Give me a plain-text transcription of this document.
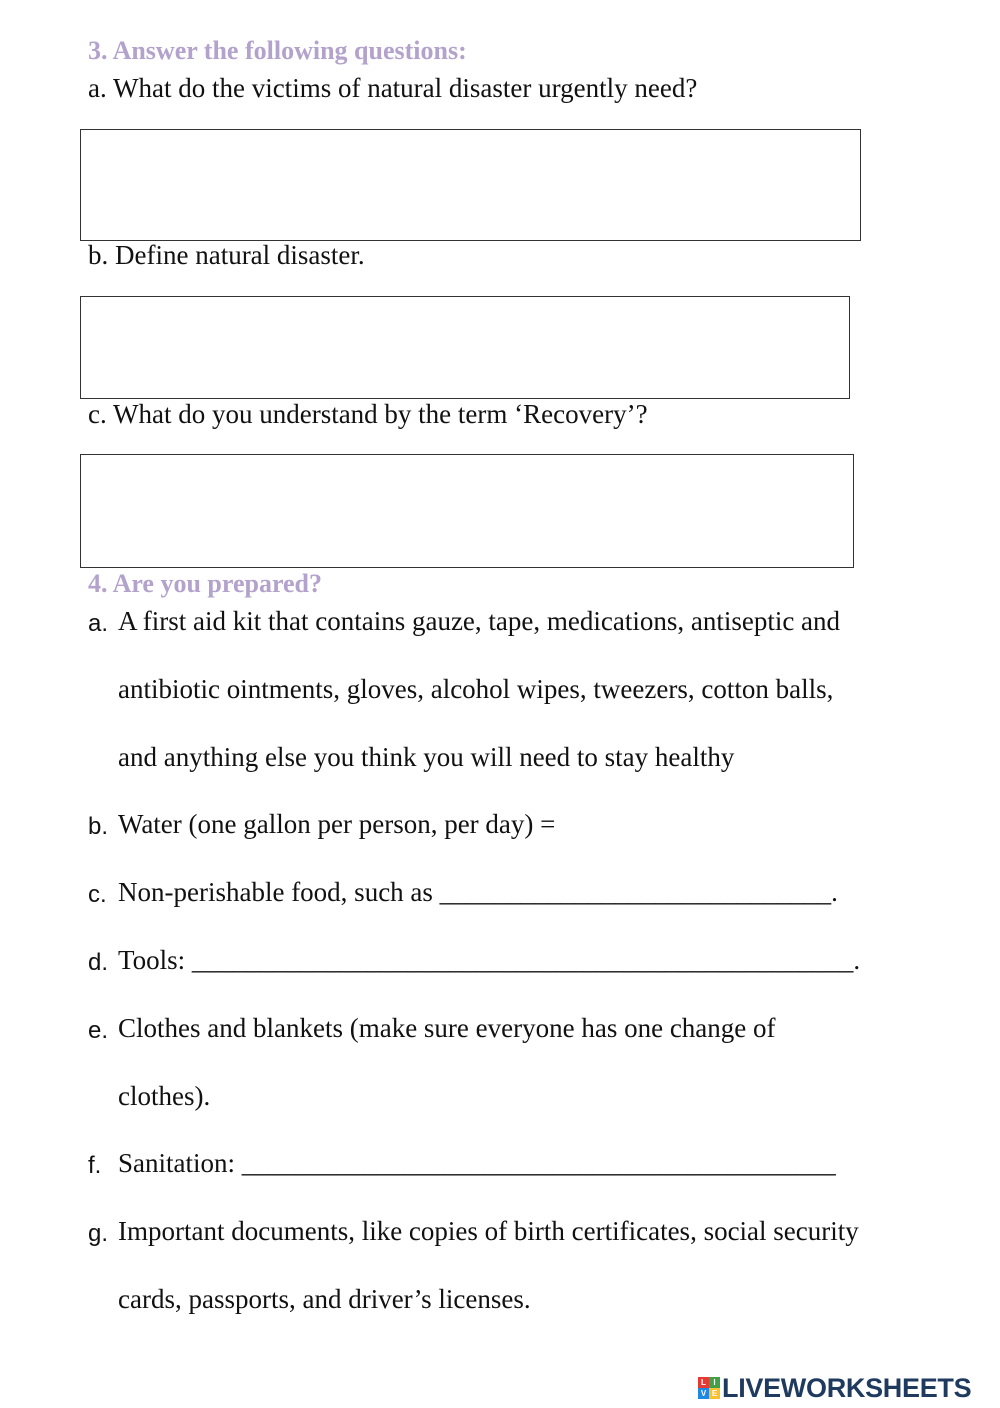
3. Answer the following questions:
a. What do the victims of natural disaster urgently need?
b. Define natural disaster.
c. What do you understand by the term ‘Recovery’?
4. Are you prepared?
a. A first aid kit that contains gauze, tape, medications, antiseptic and
antibiotic ointments, gloves, alcohol wipes, tweezers, cotton balls,
and anything else you think you will need to stay healthy
b. Water (one gallon per person, per day) =
c. Non-perishable food, such as _____________________________.
d. Tools: _________________________________________________.
e. Clothes and blankets (make sure everyone has one change of
clothes).
f. Sanitation: ____________________________________________
g. Important documents, like copies of birth certificates, social security
cards, passports, and driver’s licenses.
L I
V E LIVEWORKSHEETS
